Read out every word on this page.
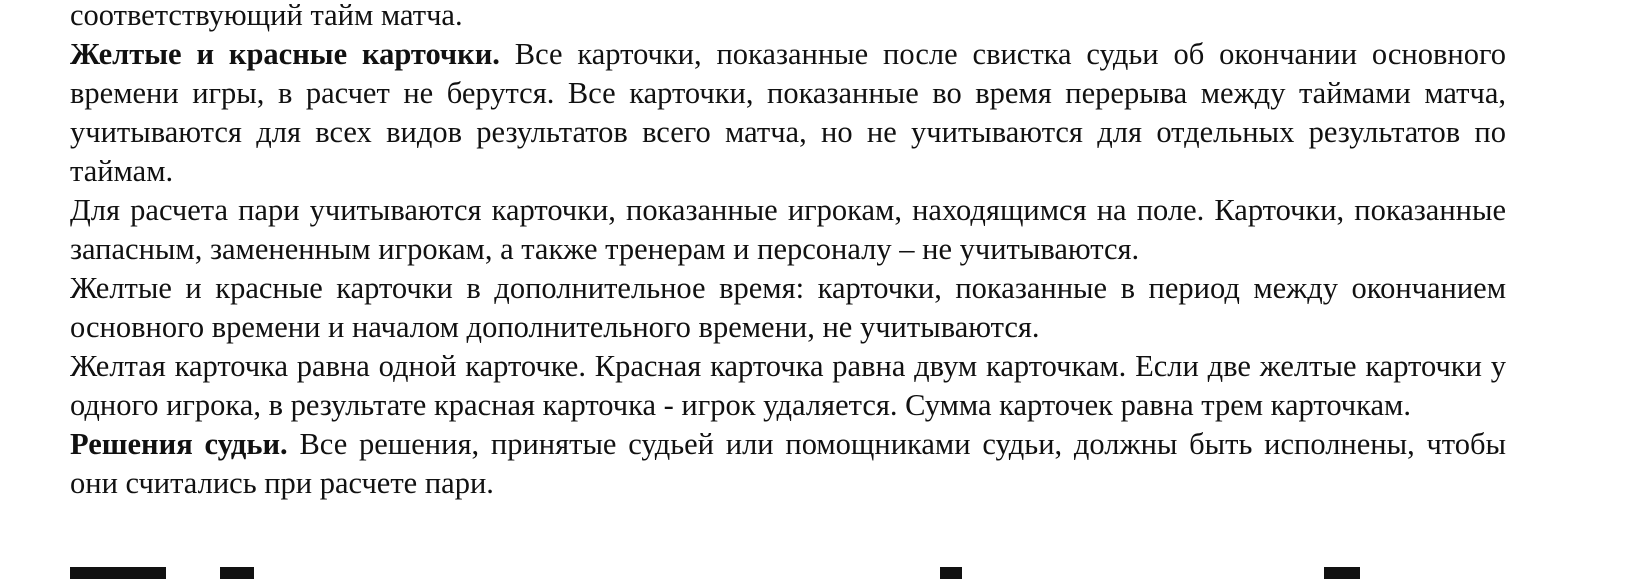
соответствующий тайм матча.

Желтые и красные карточки. Все карточки, показанные после свистка судьи об окончании основного времени игры, в расчет не берутся. Все карточки, показанные во время перерыва между таймами матча, учитываются для всех видов результатов всего матча, но не учитываются для отдельных результатов по таймам.

Для расчета пари учитываются карточки, показанные игрокам, находящимся на поле. Карточки, показанные запасным, замененным игрокам, а также тренерам и персоналу – не учитываются.

Желтые и красные карточки в дополнительное время: карточки, показанные в период между окончанием основного времени и началом дополнительного времени, не учитываются.

Желтая карточка равна одной карточке. Красная карточка равна двум карточкам. Если две желтые карточки у одного игрока, в результате красная карточка - игрок удаляется. Сумма карточек равна трем карточкам.

Решения судьи. Все решения, принятые судьей или помощниками судьи, должны быть исполнены, чтобы они считались при расчете пари.
